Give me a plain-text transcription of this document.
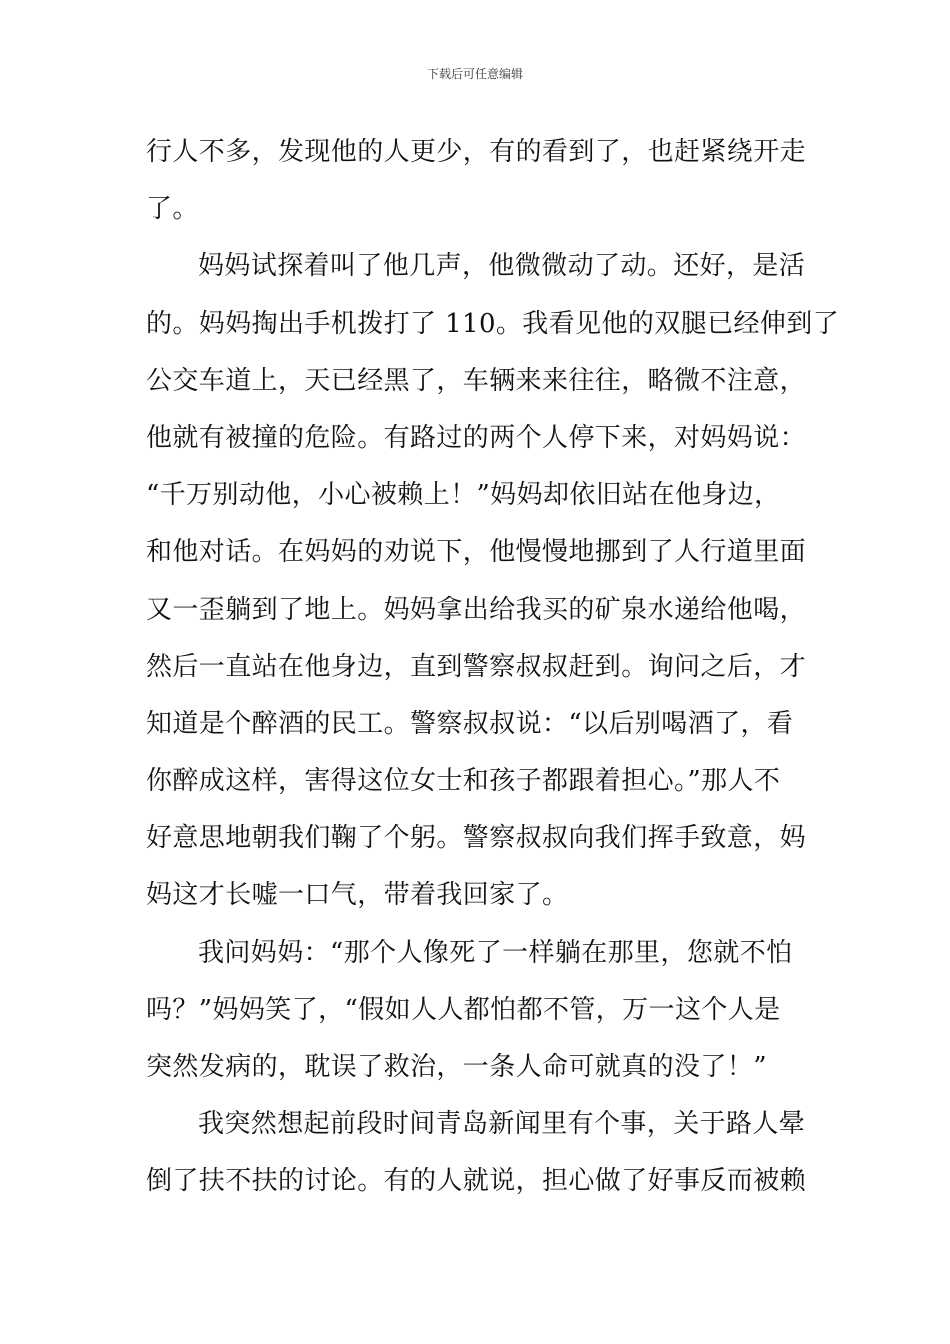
下载后可任意编辑
行人不多，发现他的人更少，有的看到了，也赶紧绕开走
了。
妈妈试探着叫了他几声，他微微动了动。还好，是活
的。妈妈掏出手机拨打了 110。我看见他的双腿已经伸到了
公交车道上，天已经黑了，车辆来来往往，略微不注意，
他就有被撞的危险。有路过的两个人停下来，对妈妈说：
“千万别动他，小心被赖上！”妈妈却依旧站在他身边，
和他对话。在妈妈的劝说下，他慢慢地挪到了人行道里面
又一歪躺到了地上。妈妈拿出给我买的矿泉水递给他喝，
然后一直站在他身边，直到警察叔叔赶到。询问之后，才
知道是个醉酒的民工。警察叔叔说：“以后别喝酒了，看
你醉成这样，害得这位女士和孩子都跟着担心。”那人不
好意思地朝我们鞠了个躬。警察叔叔向我们挥手致意，妈
妈这才长嘘一口气，带着我回家了。
我问妈妈：“那个人像死了一样躺在那里，您就不怕
吗？”妈妈笑了，“假如人人都怕都不管，万一这个人是
突然发病的，耽误了救治，一条人命可就真的没了！”
我突然想起前段时间青岛新闻里有个事，关于路人晕
倒了扶不扶的讨论。有的人就说，担心做了好事反而被赖
